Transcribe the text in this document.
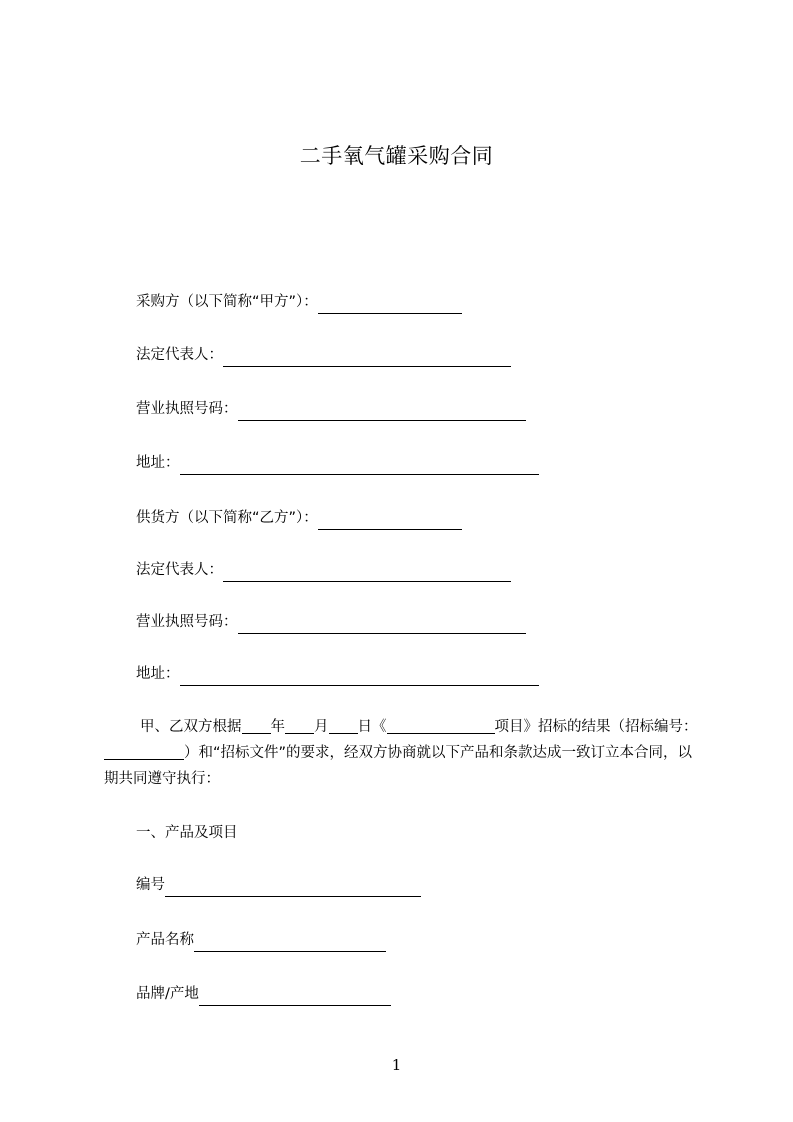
二手氧气罐采购合同
采购方（以下简称“甲方”）：
法定代表人：
营业执照号码：
地址：
供货方（以下简称“乙方”）：
法定代表人：
营业执照号码：
地址：
甲、乙双方根据 年 月 日《	项目》招标的结果（招标编号：）和“招标文件”的要求，经双方协商就以下产品和条款达成一致订立本合同，以期共同遵守执行：
一、产品及项目
编号
产品名称
品牌/产地
1
